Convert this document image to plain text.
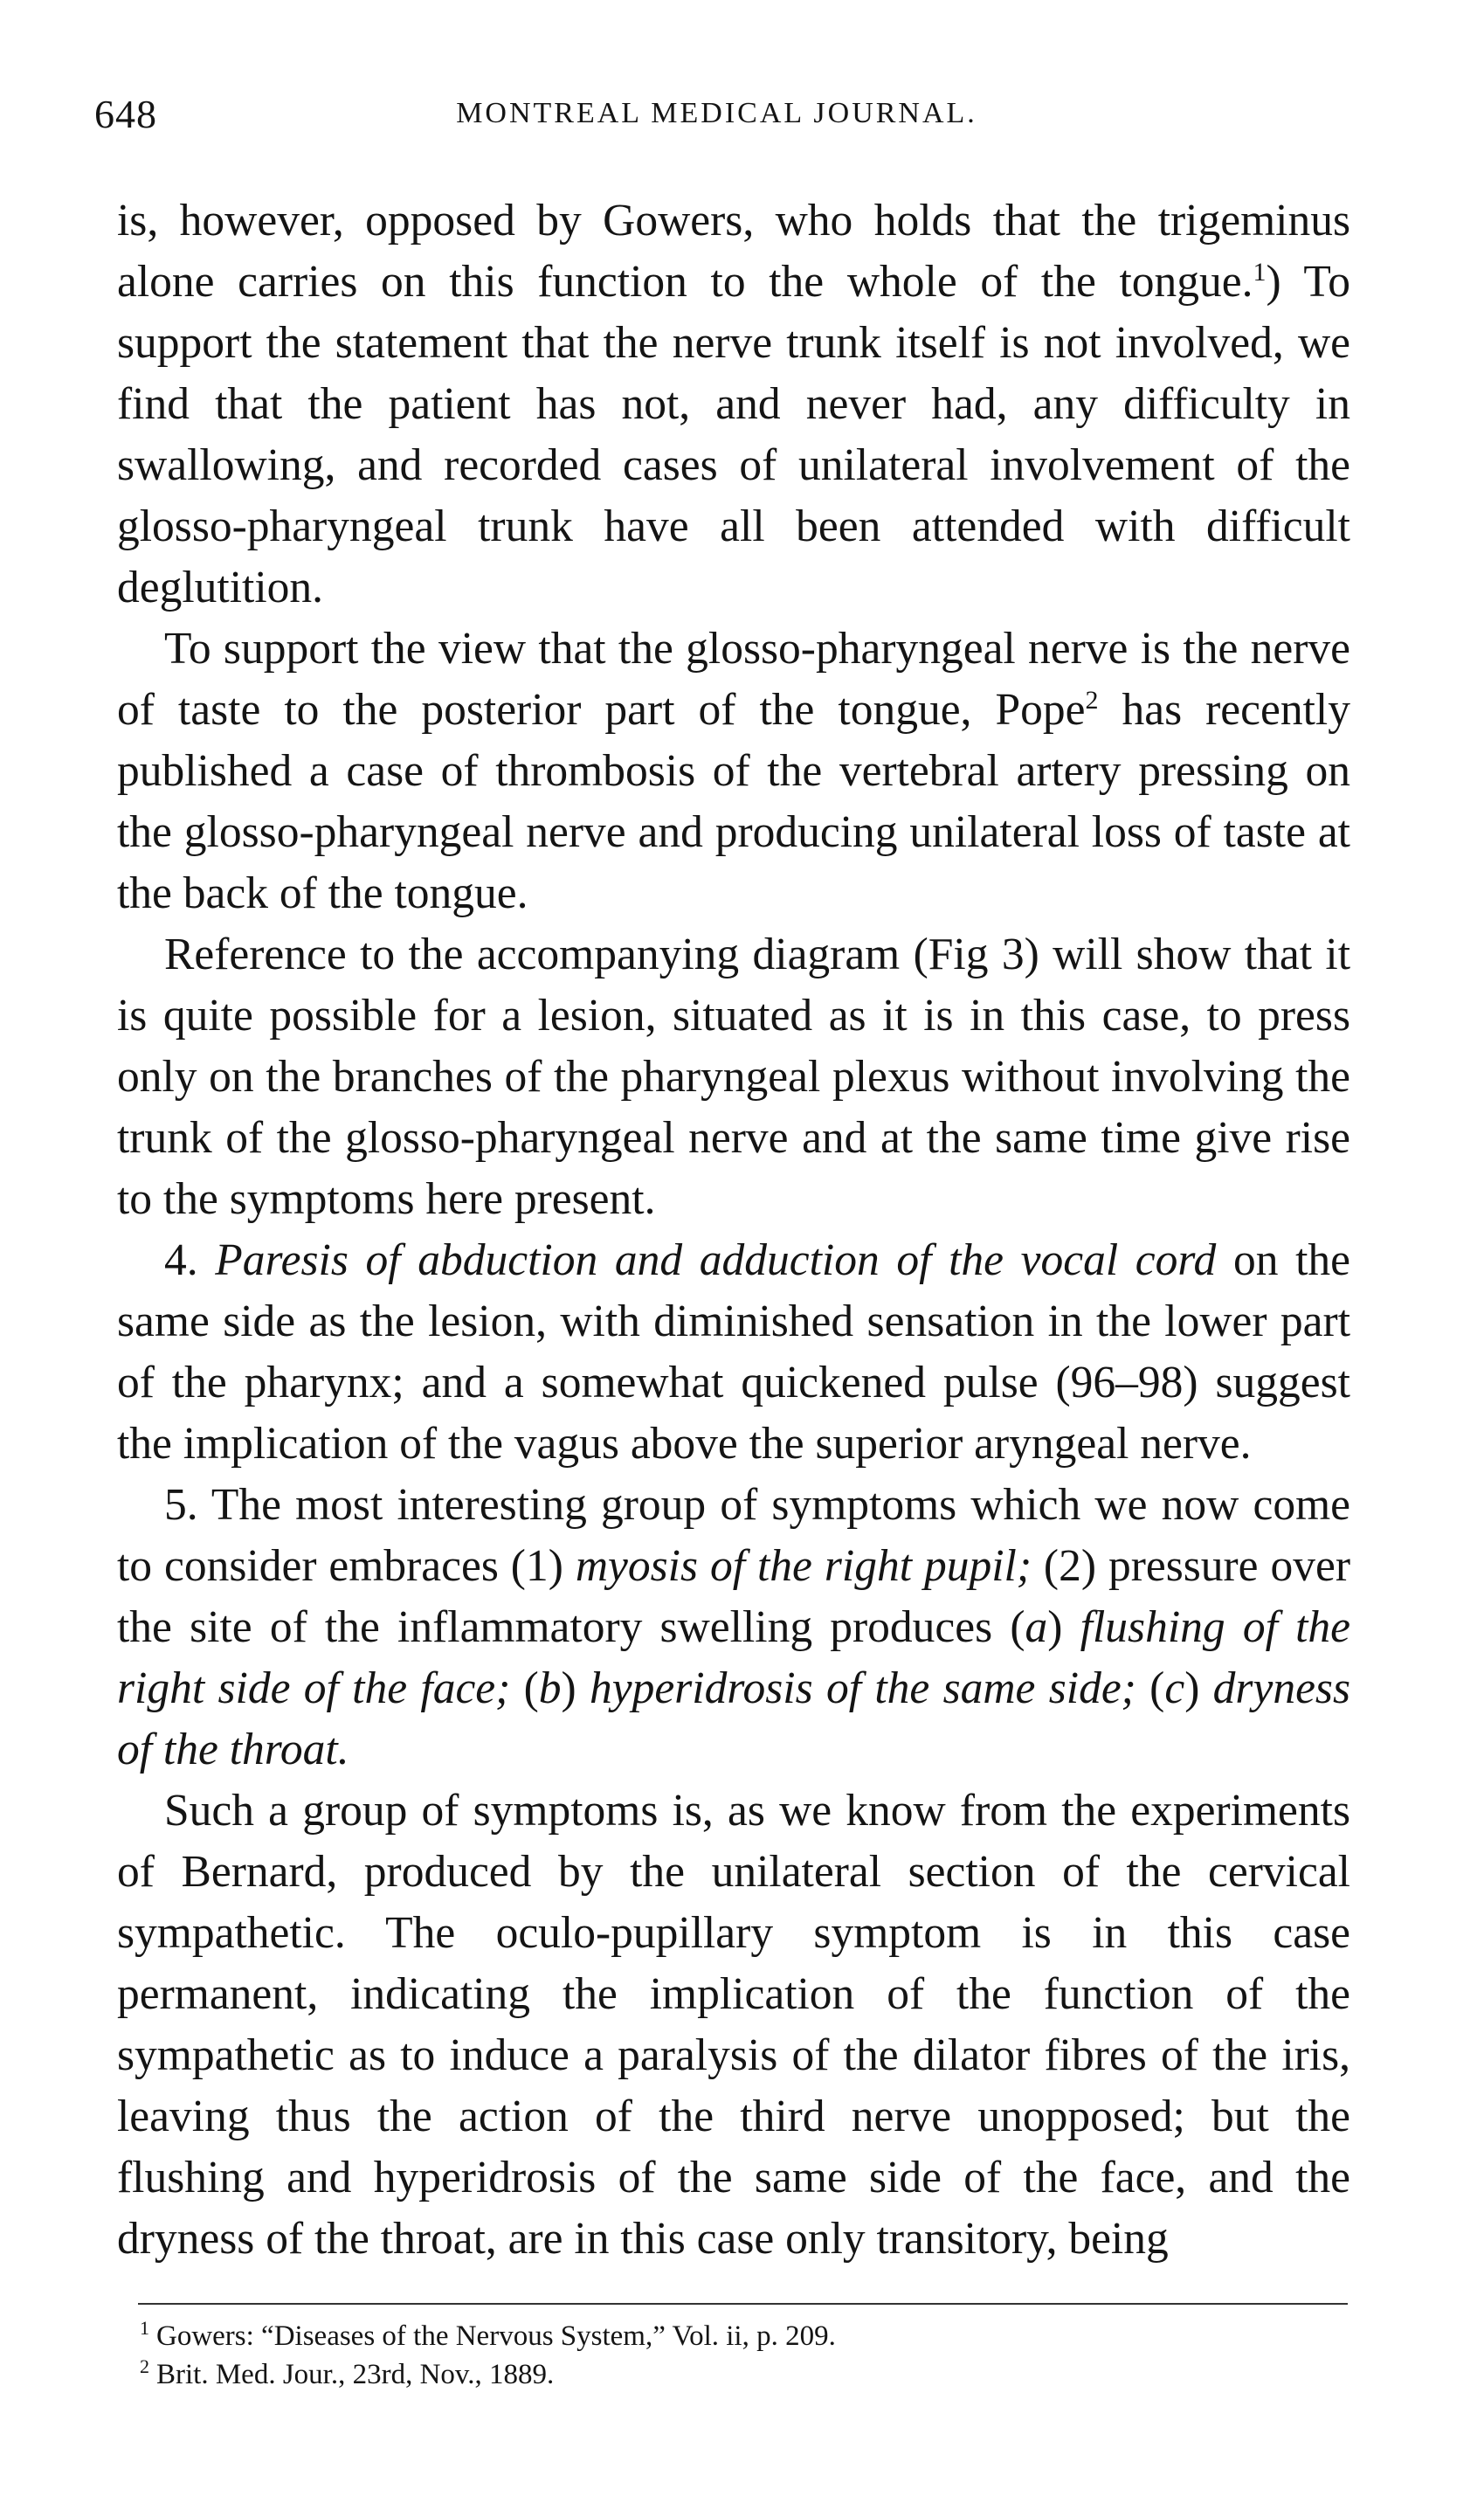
648	MONTREAL MEDICAL JOURNAL.

is, however, opposed by Gowers, who holds that the trigeminus alone carries on this function to the whole of the tongue.$^1$) To support the statement that the nerve trunk itself is not involved, we find that the patient has not, and never had, any difficulty in swallowing, and recorded cases of unilateral involvement of the glosso-pharyngeal trunk have all been attended with difficult deglutition.

To support the view that the glosso-pharyngeal nerve is the nerve of taste to the posterior part of the tongue, Pope$^2$ has recently published a case of thrombosis of the vertebral artery pressing on the glosso-pharyngeal nerve and producing unilateral loss of taste at the back of the tongue.

Reference to the accompanying diagram (Fig 3) will show that it is quite possible for a lesion, situated as it is in this case, to press only on the branches of the pharyngeal plexus without involving the trunk of the glosso-pharyngeal nerve and at the same time give rise to the symptoms here present.

4. Paresis of abduction and adduction of the vocal cord on the same side as the lesion, with diminished sensation in the lower part of the pharynx; and a somewhat quickened pulse (96–98) suggest the implication of the vagus above the superior aryngeal nerve.

5. The most interesting group of symptoms which we now come to consider embraces (1) myosis of the right pupil; (2) pressure over the site of the inflammatory swelling produces (a) flushing of the right side of the face; (b) hyperidrosis of the same side; (c) dryness of the throat.

Such a group of symptoms is, as we know from the experiments of Bernard, produced by the unilateral section of the cervical sympathetic. The oculo-pupillary symptom is in this case permanent, indicating the implication of the function of the sympathetic as to induce a paralysis of the dilator fibres of the iris, leaving thus the action of the third nerve unopposed; but the flushing and hyperidrosis of the same side of the face, and the dryness of the throat, are in this case only transitory, being

$^1$ Gowers: “Diseases of the Nervous System,” Vol. ii, p. 209.

$^2$ Brit. Med. Jour., 23rd, Nov., 1889.
